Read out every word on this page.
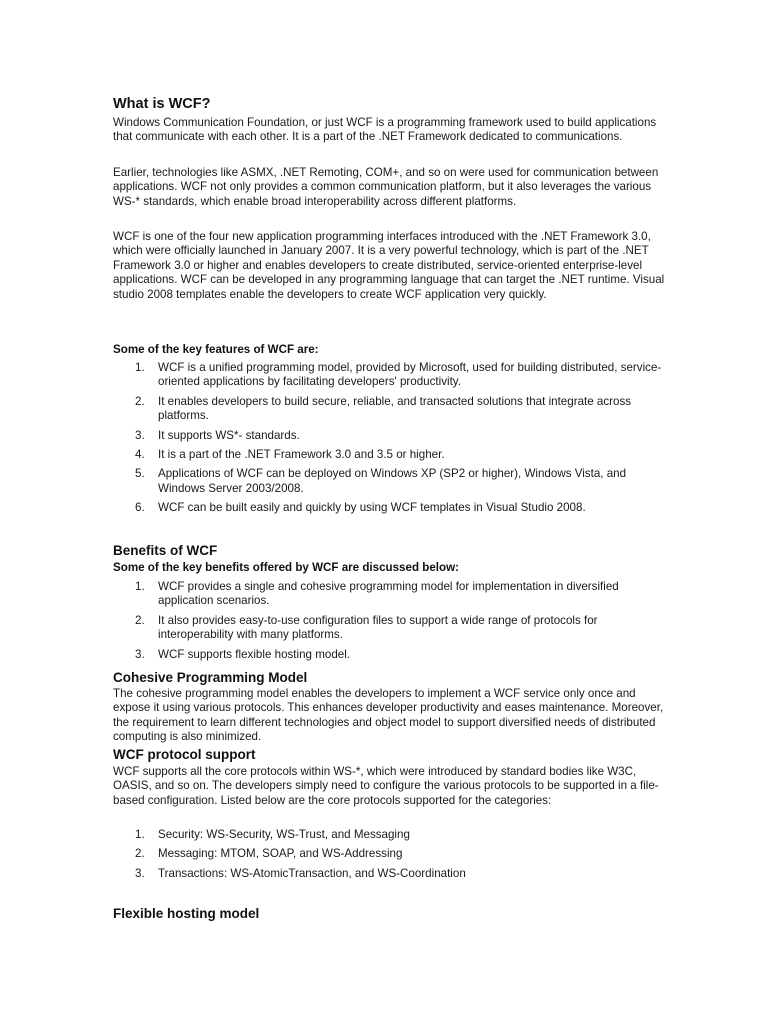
What is WCF?

Windows Communication Foundation, or just WCF is a programming framework used to build applications that communicate with each other. It is a part of the .NET Framework dedicated to communications.

Earlier, technologies like ASMX, .NET Remoting, COM+, and so on were used for communication between applications. WCF not only provides a common communication platform, but it also leverages the various WS-* standards, which enable broad interoperability across different platforms.

WCF is one of the four new application programming interfaces introduced with the .NET Framework 3.0, which were officially launched in January 2007. It is a very powerful technology, which is part of the .NET Framework 3.0 or higher and enables developers to create distributed, service-oriented enterprise-level applications. WCF can be developed in any programming language that can target the .NET runtime. Visual studio 2008 templates enable the developers to create WCF application very quickly.

Some of the key features of WCF are:

1. WCF is a unified programming model, provided by Microsoft, used for building distributed, service-oriented applications by facilitating developers' productivity.
2. It enables developers to build secure, reliable, and transacted solutions that integrate across platforms.
3. It supports WS*- standards.
4. It is a part of the .NET Framework 3.0 and 3.5 or higher.
5. Applications of WCF can be deployed on Windows XP (SP2 or higher), Windows Vista, and Windows Server 2003/2008.
6. WCF can be built easily and quickly by using WCF templates in Visual Studio 2008.
Benefits of WCF

Some of the key benefits offered by WCF are discussed below:

1. WCF provides a single and cohesive programming model for implementation in diversified application scenarios.
2. It also provides easy-to-use configuration files to support a wide range of protocols for interoperability with many platforms.
3. WCF supports flexible hosting model.
Cohesive Programming Model

The cohesive programming model enables the developers to implement a WCF service only once and expose it using various protocols. This enhances developer productivity and eases maintenance. Moreover, the requirement to learn different technologies and object model to support diversified needs of distributed computing is also minimized.

WCF protocol support

WCF supports all the core protocols within WS-*, which were introduced by standard bodies like W3C, OASIS, and so on. The developers simply need to configure the various protocols to be supported in a file-based configuration. Listed below are the core protocols supported for the categories:

1. Security: WS-Security, WS-Trust, and Messaging
2. Messaging: MTOM, SOAP, and WS-Addressing
3. Transactions: WS-AtomicTransaction, and WS-Coordination
Flexible hosting model
